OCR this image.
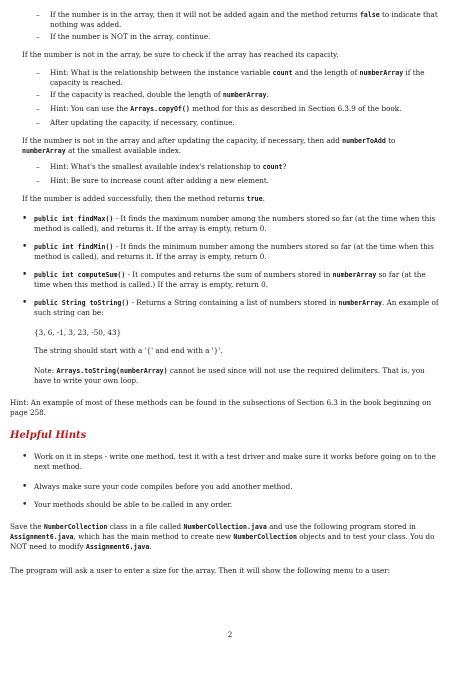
– If the number is in the array, then it will not be added again and the method returns false to indicate that nothing was added.
– If the number is NOT in the array, continue.
If the number is not in the array, be sure to check if the array has reached its capacity.
– Hint: What is the relationship between the instance variable count and the length of numberArray if the capacity is reached.
– If the capacity is reached, double the length of numberArray.
– Hint: You can use the Arrays.copyOf() method for this as described in Section 6.3.9 of the book.
– After updating the capacity, if necessary, continue.
If the number is not in the array and after updating the capacity, if necessary, then add numberToAdd to numberArray at the smallest available index.
– Hint: What's the smallest available index's relationship to count?
– Hint: Be sure to increase count after adding a new element.
If the number is added successfully, then the method returns true.
• public int findMax() - It finds the maximum number among the numbers stored so far (at the time when this method is called), and returns it. If the array is empty, return 0.
• public int findMin() - It finds the minimum number among the numbers stored so far (at the time when this method is called), and returns it. If the array is empty, return 0.
• public int computeSum() - It computes and returns the sum of numbers stored in numberArray so far (at the time when this method is called.) If the array is empty, return 0.
• public String toString() - Returns a String containing a list of numbers stored in numberArray. An example of such string can be:
{3, 6, -1, 3, 23, -50, 43}
The string should start with a '{' and end with a '}'.
Note: Arrays.toString(numberArray) cannot be used since will not use the required delimiters. That is, you have to write your own loop.
Hint: An example of most of these methods can be found in the subsections of Section 6.3 in the book beginning on page 258.
Helpful Hints
• Work on it in steps - write one method, test it with a test driver and make sure it works before going on to the next method.
• Always make sure your code compiles before you add another method.
• Your methods should be able to be called in any order.
Save the NumberCollection class in a file called NumberCollection.java and use the following program stored in Assignment6.java, which has the main method to create new NumberCollection objects and to test your class. You do NOT need to modify Assignment6.java.
The program will ask a user to enter a size for the array. Then it will show the following menu to a user:
2
